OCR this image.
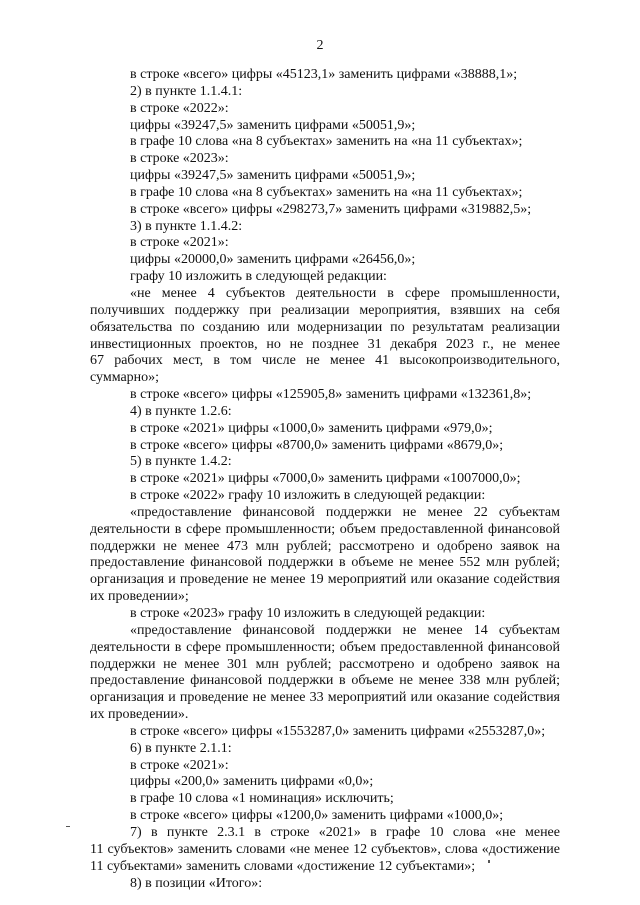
2
в строке «всего» цифры «45123,1» заменить цифрами «38888,1»;
2) в пункте 1.1.4.1:
в строке «2022»:
цифры «39247,5» заменить цифрами «50051,9»;
в графе 10 слова «на 8 субъектах» заменить на «на 11 субъектах»;
в строке «2023»:
цифры «39247,5» заменить цифрами «50051,9»;
в графе 10 слова «на 8 субъектах» заменить на «на 11 субъектах»;
в строке «всего» цифры «298273,7» заменить цифрами «319882,5»;
3) в пункте 1.1.4.2:
в строке «2021»:
цифры «20000,0» заменить цифрами «26456,0»;
графу 10 изложить в следующей редакции:
«не менее 4 субъектов деятельности в сфере промышленности,
получивших поддержку при реализации мероприятия, взявших на себя
обязательства по созданию или модернизации по результатам реализации
инвестиционных проектов, но не позднее 31 декабря 2023 г., не менее
67 рабочих мест, в том числе не менее 41 высокопроизводительного,
суммарно»;
в строке «всего» цифры «125905,8» заменить цифрами «132361,8»;
4) в пункте 1.2.6:
в строке «2021» цифры «1000,0» заменить цифрами «979,0»;
в строке «всего» цифры «8700,0» заменить цифрами «8679,0»;
5) в пункте 1.4.2:
в строке «2021» цифры «7000,0» заменить цифрами «1007000,0»;
в строке «2022» графу 10 изложить в следующей редакции:
«предоставление финансовой поддержки не менее 22 субъектам
деятельности в сфере промышленности; объем предоставленной финансовой
поддержки не менее 473 млн рублей; рассмотрено и одобрено заявок на
предоставление финансовой поддержки в объеме не менее 552 млн рублей;
организация и проведение не менее 19 мероприятий или оказание содействия
их проведении»;
в строке «2023» графу 10 изложить в следующей редакции:
«предоставление финансовой поддержки не менее 14 субъектам
деятельности в сфере промышленности; объем предоставленной финансовой
поддержки не менее 301 млн рублей; рассмотрено и одобрено заявок на
предоставление финансовой поддержки в объеме не менее 338 млн рублей;
организация и проведение не менее 33 мероприятий или оказание содействия
их проведении».
в строке «всего» цифры «1553287,0» заменить цифрами «2553287,0»;
6) в пункте 2.1.1:
в строке «2021»:
цифры «200,0» заменить цифрами «0,0»;
в графе 10 слова «1 номинация» исключить;
в строке «всего» цифры «1200,0» заменить цифрами «1000,0»;
7) в пункте 2.3.1 в строке «2021» в графе 10 слова «не менее
11 субъектов» заменить словами «не менее 12 субъектов», слова «достижение
11 субъектами» заменить словами «достижение 12 субъектами»;
8) в позиции «Итого»:
